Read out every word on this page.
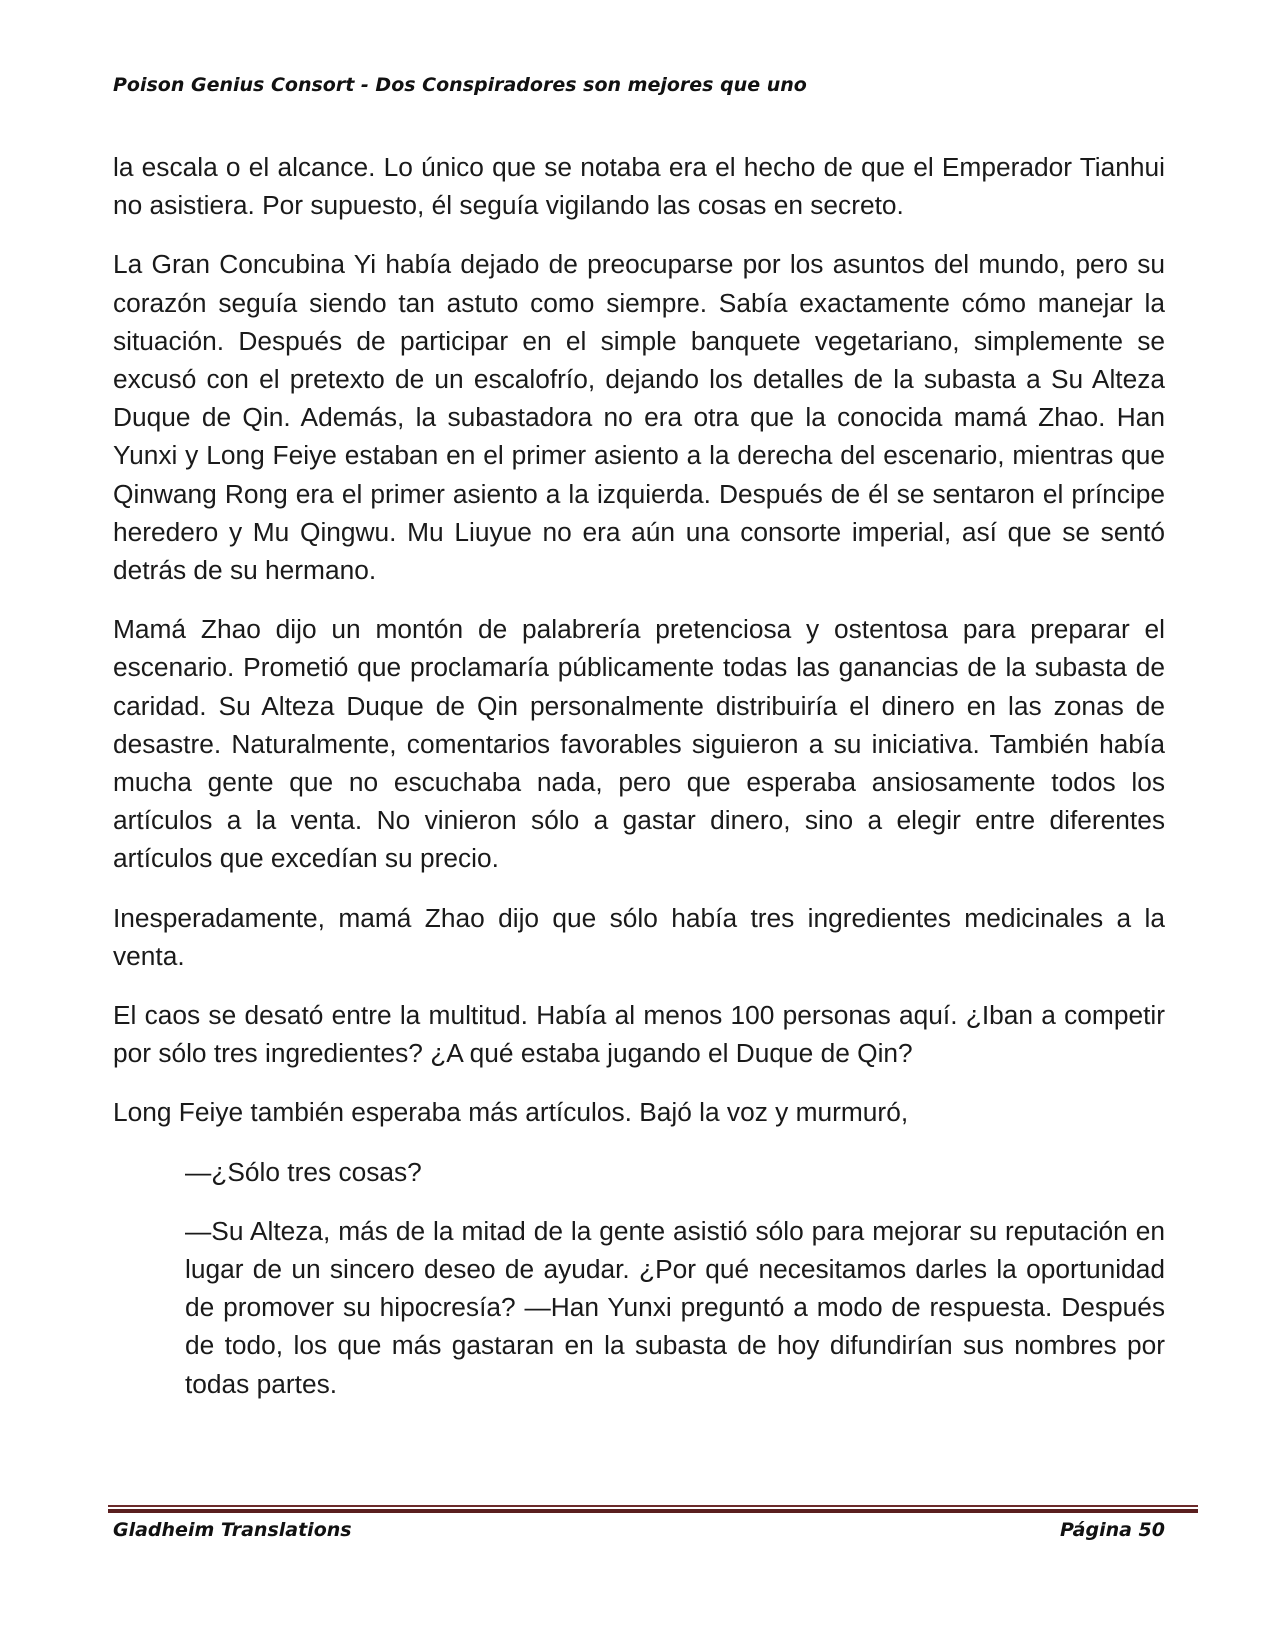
Poison Genius Consort - Dos Conspiradores son mejores que uno

la escala o el alcance. Lo único que se notaba era el hecho de que el Emperador Tianhui no asistiera. Por supuesto, él seguía vigilando las cosas en secreto.

La Gran Concubina Yi había dejado de preocuparse por los asuntos del mundo, pero su corazón seguía siendo tan astuto como siempre. Sabía exactamente cómo manejar la situación. Después de participar en el simple banquete vegetariano, simplemente se excusó con el pretexto de un escalofrío, dejando los detalles de la subasta a Su Alteza Duque de Qin. Además, la subastadora no era otra que la conocida mamá Zhao. Han Yunxi y Long Feiye estaban en el primer asiento a la derecha del escenario, mientras que Qinwang Rong era el primer asiento a la izquierda. Después de él se sentaron el príncipe heredero y Mu Qingwu. Mu Liuyue no era aún una consorte imperial, así que se sentó detrás de su hermano.

Mamá Zhao dijo un montón de palabrería pretenciosa y ostentosa para preparar el escenario. Prometió que proclamaría públicamente todas las ganancias de la subasta de caridad. Su Alteza Duque de Qin personalmente distribuiría el dinero en las zonas de desastre. Naturalmente, comentarios favorables siguieron a su iniciativa. También había mucha gente que no escuchaba nada, pero que esperaba ansiosamente todos los artículos a la venta. No vinieron sólo a gastar dinero, sino a elegir entre diferentes artículos que excedían su precio.

Inesperadamente, mamá Zhao dijo que sólo había tres ingredientes medicinales a la venta.

El caos se desató entre la multitud. Había al menos 100 personas aquí. ¿Iban a competir por sólo tres ingredientes? ¿A qué estaba jugando el Duque de Qin?

Long Feiye también esperaba más artículos. Bajó la voz y murmuró,

—¿Sólo tres cosas?

—Su Alteza, más de la mitad de la gente asistió sólo para mejorar su reputación en lugar de un sincero deseo de ayudar. ¿Por qué necesitamos darles la oportunidad de promover su hipocresía? —Han Yunxi preguntó a modo de respuesta. Después de todo, los que más gastaran en la subasta de hoy difundirían sus nombres por todas partes.

Gladheim Translations	Página 50
